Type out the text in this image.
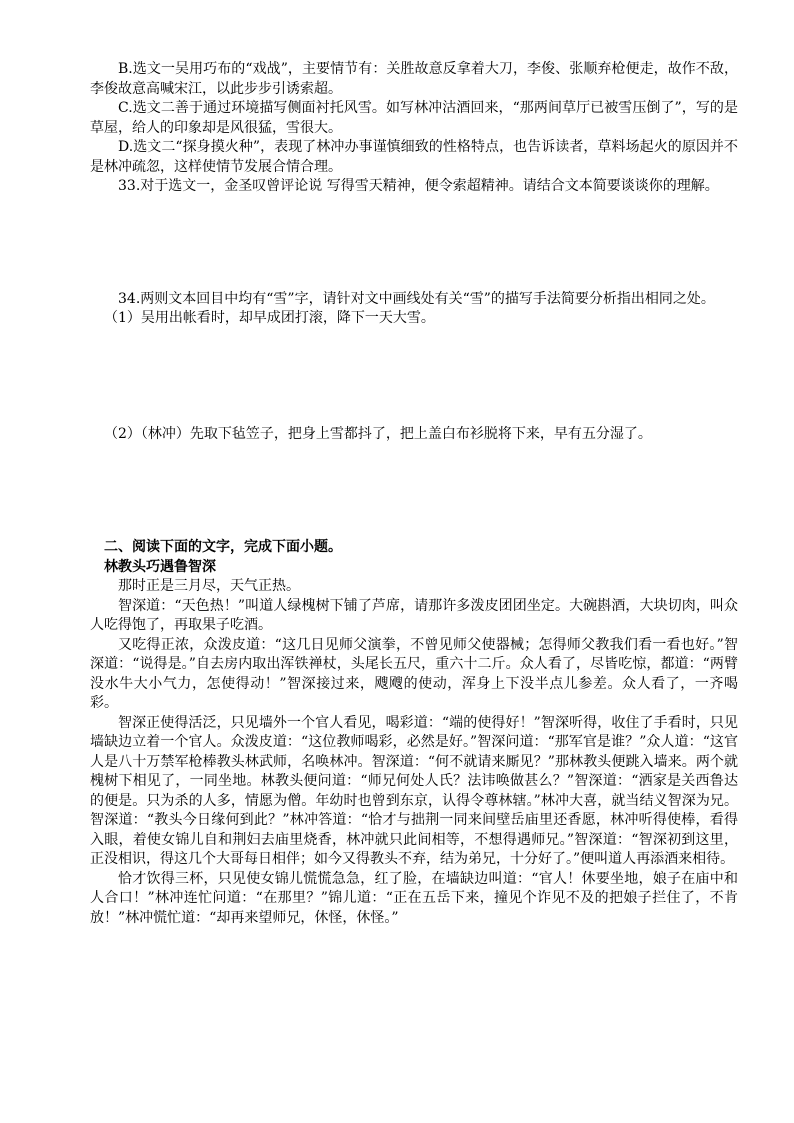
B.选文一吴用巧布的“戏战”，主要情节有：关胜故意反拿着大刀，李俊、张顺弃枪便走，故作不敌，李俊故意高喊宋江，以此步步引诱索超。

C.选文二善于通过环境描写侧面衬托风雪。如写林冲沽酒回来，“那两间草厅已被雪压倒了”，写的是草屋，给人的印象却是风很猛，雪很大。

D.选文二“探身摸火种”，表现了林冲办事谨慎细致的性格特点，也告诉读者，草料场起火的原因并不是林冲疏忽，这样使情节发展合情合理。

33.对于选文一，金圣叹曾评论说 写得雪天精神，便令索超精神。请结合文本简要谈谈你的理解。

34.两则文本回目中均有“雪”字，请针对文中画线处有关“雪”的描写手法简要分析指出相同之处。

（1）吴用出帐看时，却早成团打滚，降下一天大雪。

（2）（林冲）先取下毡笠子，把身上雪都抖了，把上盖白布衫脱将下来，早有五分湿了。

二、阅读下面的文字，完成下面小题。

林教头巧遇鲁智深

那时正是三月尽，天气正热。

智深道：“天色热！”叫道人绿槐树下铺了芦席，请那许多泼皮团团坐定。大碗斟酒，大块切肉，叫众人吃得饱了，再取果子吃酒。

又吃得正浓，众泼皮道：“这几日见师父演拳，不曾见师父使器械；怎得师父教我们看一看也好。”智深道：“说得是。”自去房内取出浑铁禅杖，头尾长五尺，重六十二斤。众人看了，尽皆吃惊，都道：“两臂没水牛大小气力，怎使得动！”智深接过来，飕飕的使动，浑身上下没半点儿参差。众人看了，一齐喝彩。

智深正使得活泛，只见墙外一个官人看见，喝彩道：“端的使得好！”智深听得，收住了手看时，只见墙缺边立着一个官人。众泼皮道：“这位教师喝彩，必然是好。”智深问道：“那军官是谁？”众人道：“这官人是八十万禁军枪棒教头林武师，名唤林冲。智深道：“何不就请来厮见？”那林教头便跳入墙来。两个就槐树下相见了，一同坐地。林教头便问道：“师兄何处人氏？法讳唤做甚么？”智深道：“洒家是关西鲁达的便是。只为杀的人多，情愿为僧。年幼时也曾到东京，认得令尊林辖。”林冲大喜，就当结义智深为兄。智深道：“教头今日缘何到此？”林冲答道：“恰才与拙荆一同来间壁岳庙里还香愿，林冲听得使棒，看得入眼，着使女锦儿自和荆妇去庙里烧香，林冲就只此间相等，不想得遇师兄。”智深道：“智深初到这里，正没相识，得这几个大哥每日相伴；如今又得教头不弃，结为弟兄，十分好了。”便叫道人再添酒来相待。

恰才饮得三杯，只见使女锦儿慌慌急急，红了脸，在墙缺边叫道：“官人！休要坐地，娘子在庙中和人合口！”林冲连忙问道：“在那里？”锦儿道：“正在五岳下来，撞见个诈见不及的把娘子拦住了，不肯放！”林冲慌忙道：“却再来望师兄，休怪，休怪。”
